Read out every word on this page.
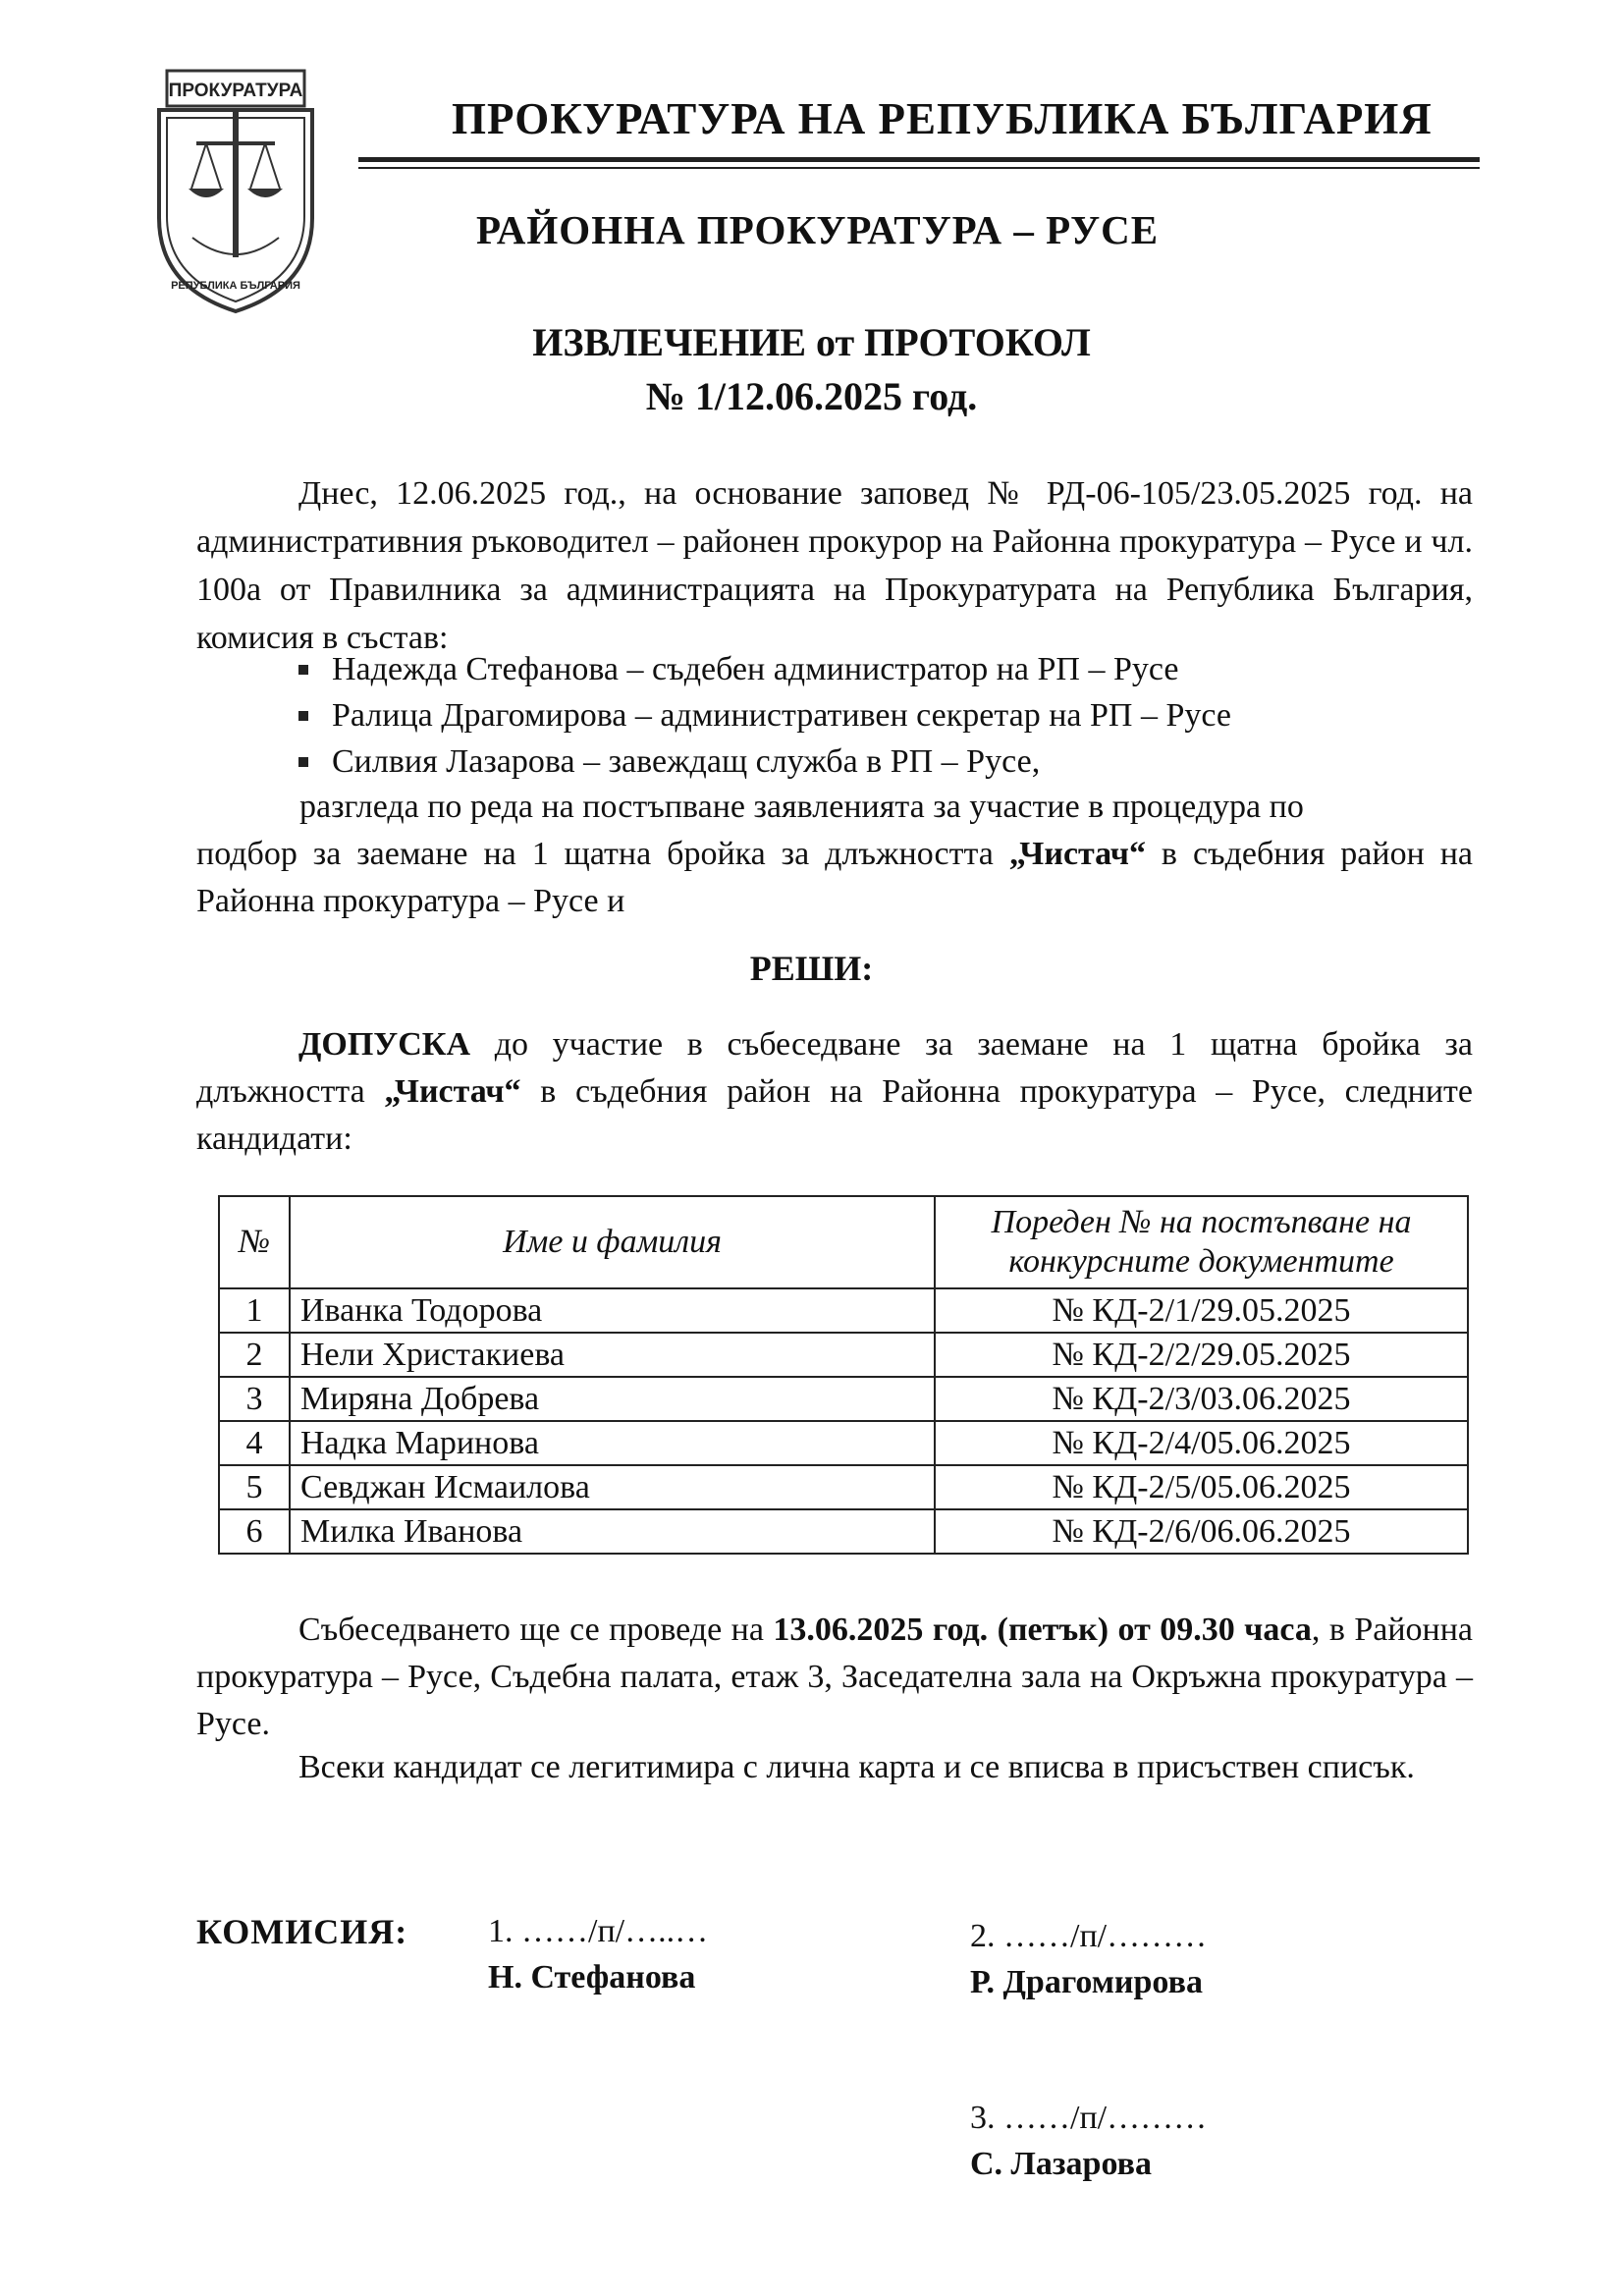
ПРОКУРАТУРА
РЕПУБЛИКА БЪЛГАРИЯ
ПРОКУРАТУРА НА РЕПУБЛИКА БЪЛГАРИЯ
РАЙОННА ПРОКУРАТУРА – РУСЕ
ИЗВЛЕЧЕНИЕ от ПРОТОКОЛ
№ 1/12.06.2025 год.
Днес, 12.06.2025 год., на основание заповед № РД-06-105/23.05.2025 год. на административния ръководител – районен прокурор на Районна прокуратура – Русе и чл. 100а от Правилника за администрацията на Прокуратурата на Република България, комисия в състав:
Надежда Стефанова – съдебен администратор на РП – Русе
Ралица Драгомирова – административен секретар на РП – Русе
Силвия Лазарова – завеждащ служба в РП – Русе,
разгледа по реда на постъпване заявленията за участие в процедура по
подбор за заемане на 1 щатна бройка за длъжността „Чистач“ в съдебния район на Районна прокуратура – Русе и
РЕШИ:
ДОПУСКА до участие в събеседване за заемане на 1 щатна бройка за длъжността „Чистач“ в съдебния район на Районна прокуратура – Русе, следните кандидати:
№	Име и фамилия	Пореден № на постъпване на
конкурсните документите
1	Иванка Тодорова	№ КД-2/1/29.05.2025
2	Нели Христакиева	№ КД-2/2/29.05.2025
3	Миряна Добрева	№ КД-2/3/03.06.2025
4	Надка Маринова	№ КД-2/4/05.06.2025
5	Севджан Исмаилова	№ КД-2/5/05.06.2025
6	Милка Иванова	№ КД-2/6/06.06.2025
Събеседването ще се проведе на 13.06.2025 год. (петък) от 09.30 часа, в Районна прокуратура – Русе, Съдебна палата, етаж 3, Заседателна зала на Окръжна прокуратура – Русе.
Всеки кандидат се легитимира с лична карта и се вписва в присъствен списък.
КОМИСИЯ: 1. ……/п/…..…
Н. Стефанова
2. ……/п/………
Р. Драгомирова
3. ……/п/………
С. Лазарова
